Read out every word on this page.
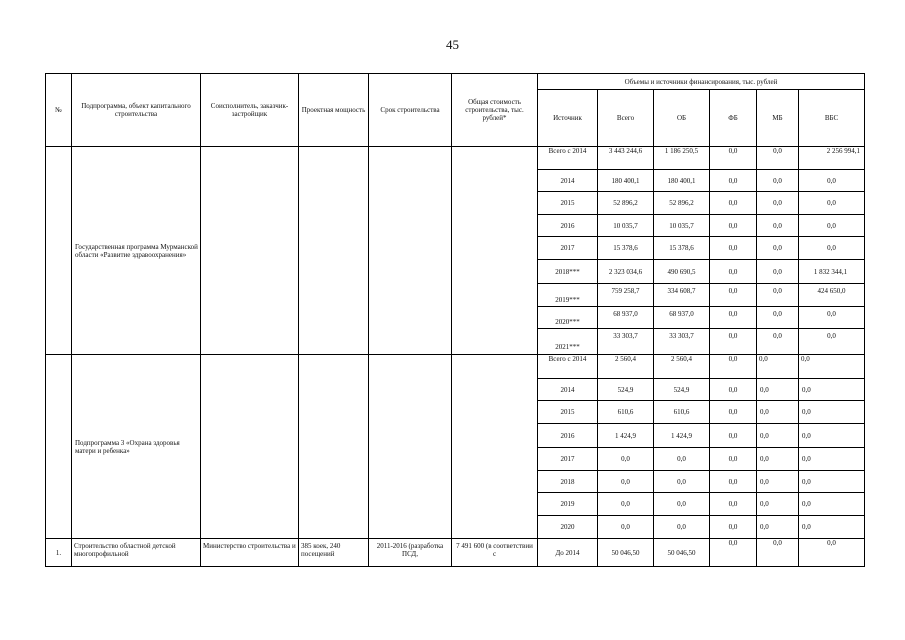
45
№	Подпрограмма, объект капитального строительства	Соисполнитель, заказчик-застройщик	Проектная мощность	Срок строительства	Общая стоимость строительства, тыс. рублей*	Объемы и источники финансирования, тыс. рублей					
						Источник	Всего	ОБ	ФБ	МБ	ВБС
	Государственная программа Мурманской области «Развитие здравоохранения»					Всего с 2014	3 443 244,6	1 186 250,5	0,0	0,0	2 256 994,1
						2014	180 400,1	180 400,1	0,0	0,0	0,0
						2015	52 896,2	52 896,2	0,0	0,0	0,0
						2016	10 035,7	10 035,7	0,0	0,0	0,0
						2017	15 378,6	15 378,6	0,0	0,0	0,0
						2018***	2 323 034,6	490 690,5	0,0	0,0	1 832 344,1
						2019***	759 258,7	334 608,7	0,0	0,0	424 650,0
						2020***	68 937,0	68 937,0	0,0	0,0	0,0
						2021***	33 303,7	33 303,7	0,0	0,0	0,0
	Подпрограмма 3 «Охрана здоровья матери и ребенка»					Всего с 2014	2 560,4	2 560,4	0,0	0,0	0,0
						2014	524,9	524,9	0,0	0,0	0,0
						2015	610,6	610,6	0,0	0,0	0,0
						2016	1 424,9	1 424,9	0,0	0,0	0,0
						2017	0,0	0,0	0,0	0,0	0,0
						2018	0,0	0,0	0,0	0,0	0,0
						2019	0,0	0,0	0,0	0,0	0,0
						2020	0,0	0,0	0,0	0,0	0,0
1.	Строительство областной детской многопрофильной	Министерство строительства и	385 коек, 240 посещений	2011-2016 (разработка ПСД,	7 491 600 (в соответствии с	До 2014	50 046,50	50 046,50	0,0	0,0	0,0
